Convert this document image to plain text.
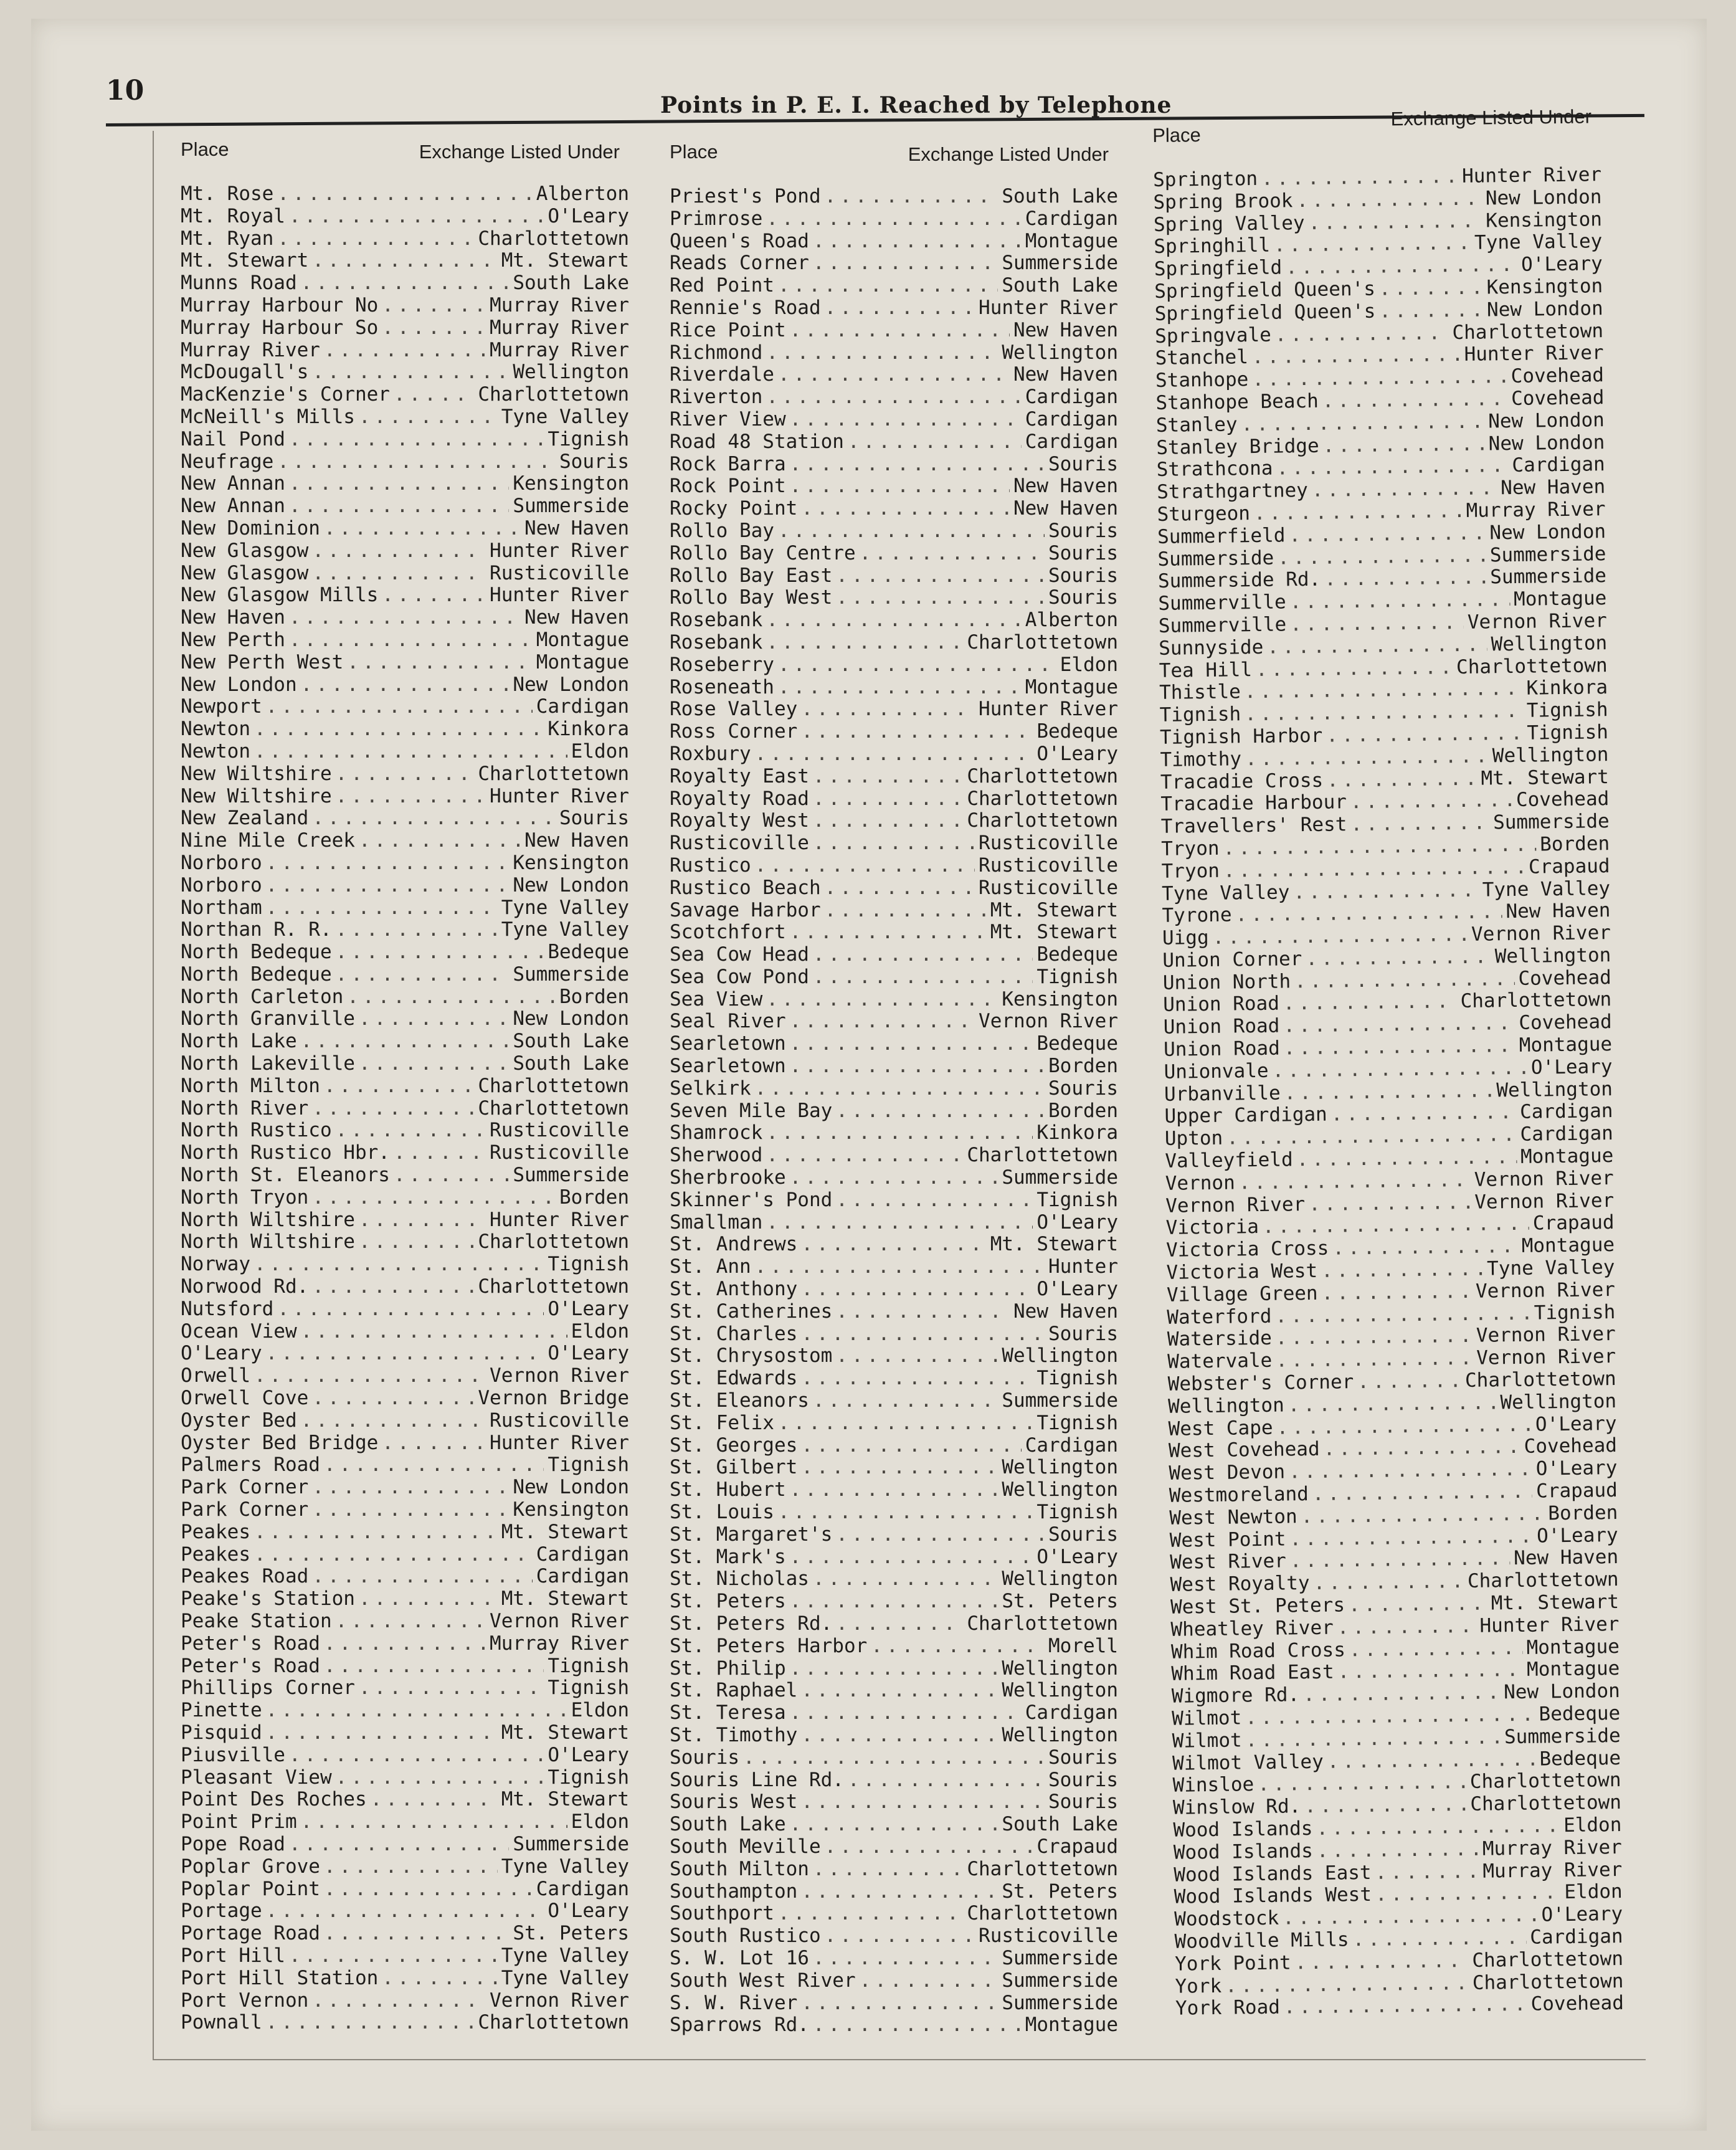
10	Points in P. E. I. Reached by Telephone
Place	Exchange Listed Under
Mt. Rose .....	Alberton
Mt. Royal .....	O'Leary
Mt. Ryan .....	Charlottetown
Mt. Stewart .....	Mt. Stewart
Munns Road .....	South Lake
Murray Harbour No .....	Murray River
Murray Harbour So .....	Murray River
Murray River .....	Murray River
McDougall's .....	Wellington
MacKenzie's Corner .....	Charlottetown
McNeill's Mills .....	Tyne Valley
Nail Pond .....	Tignish
Neufrage .....	Souris
New Annan .....	Kensington
New Annan .....	Summerside
New Dominion .....	New Haven
New Glasgow .....	Hunter River
New Glasgow .....	Rusticoville
New Glasgow Mills .....	Hunter River
New Haven .....	New Haven
New Perth .....	Montague
New Perth West .....	Montague
New London .....	New London
Newport .....	Cardigan
Newton .....	Kinkora
Newton .....	Eldon
New Wiltshire .....	Charlottetown
New Wiltshire .....	Hunter River
New Zealand .....	Souris
Nine Mile Creek .....	New Haven
Norboro .....	Kensington
Norboro .....	New London
Northam .....	Tyne Valley
Northan R. R. .....	Tyne Valley
North Bedeque .....	Bedeque
North Bedeque .....	Summerside
North Carleton .....	Borden
North Granville .....	New London
North Lake .....	South Lake
North Lakeville .....	South Lake
North Milton .....	Charlottetown
North River .....	Charlottetown
North Rustico .....	Rusticoville
North Rustico Hbr. .....	Rusticoville
North St. Eleanors .....	Summerside
North Tryon .....	Borden
North Wiltshire .....	Hunter River
North Wiltshire .....	Charlottetown
Norway .....	Tignish
Norwood Rd. .....	Charlottetown
Nutsford .....	O'Leary
Ocean View .....	Eldon
O'Leary .....	O'Leary
Orwell .....	Vernon River
Orwell Cove .....	Vernon Bridge
Oyster Bed .....	Rusticoville
Oyster Bed Bridge .....	Hunter River
Palmers Road .....	Tignish
Park Corner .....	New London
Park Corner .....	Kensington
Peakes .....	Mt. Stewart
Peakes .....	Cardigan
Peakes Road .....	Cardigan
Peake's Station .....	Mt. Stewart
Peake Station .....	Vernon River
Peter's Road .....	Murray River
Peter's Road .....	Tignish
Phillips Corner .....	Tignish
Pinette .....	Eldon
Pisquid .....	Mt. Stewart
Piusville .....	O'Leary
Pleasant View .....	Tignish
Point Des Roches .....	Mt. Stewart
Point Prim .....	Eldon
Pope Road .....	Summerside
Poplar Grove .....	Tyne Valley
Poplar Point .....	Cardigan
Portage .....	O'Leary
Portage Road .....	St. Peters
Port Hill .....	Tyne Valley
Port Hill Station .....	Tyne Valley
Port Vernon .....	Vernon River
Pownall .....	Charlottetown
Place	Exchange Listed Under
Priest's Pond .....	South Lake
Primrose .....	Cardigan
Queen's Road .....	Montague
Reads Corner .....	Summerside
Red Point .....	South Lake
Rennie's Road .....	Hunter River
Rice Point .....	New Haven
Richmond .....	Wellington
Riverdale .....	New Haven
Riverton .....	Cardigan
River View .....	Cardigan
Road 48 Station .....	Cardigan
Rock Barra .....	Souris
Rock Point .....	New Haven
Rocky Point .....	New Haven
Rollo Bay .....	Souris
Rollo Bay Centre .....	Souris
Rollo Bay East .....	Souris
Rollo Bay West .....	Souris
Rosebank .....	Alberton
Rosebank .....	Charlottetown
Roseberry .....	Eldon
Roseneath .....	Montague
Rose Valley .....	Hunter River
Ross Corner .....	Bedeque
Roxbury .....	O'Leary
Royalty East .....	Charlottetown
Royalty Road .....	Charlottetown
Royalty West .....	Charlottetown
Rusticoville .....	Rusticoville
Rustico .....	Rusticoville
Rustico Beach .....	Rusticoville
Savage Harbor .....	Mt. Stewart
Scotchfort .....	Mt. Stewart
Sea Cow Head .....	Bedeque
Sea Cow Pond .....	Tignish
Sea View .....	Kensington
Seal River .....	Vernon River
Searletown .....	Bedeque
Searletown .....	Borden
Selkirk .....	Souris
Seven Mile Bay .....	Borden
Shamrock .....	Kinkora
Sherwood .....	Charlottetown
Sherbrooke .....	Summerside
Skinner's Pond .....	Tignish
Smallman .....	O'Leary
St. Andrews .....	Mt. Stewart
St. Ann .....	Hunter
St. Anthony .....	O'Leary
St. Catherines .....	New Haven
St. Charles .....	Souris
St. Chrysostom .....	Wellington
St. Edwards .....	Tignish
St. Eleanors .....	Summerside
St. Felix .....	Tignish
St. Georges .....	Cardigan
St. Gilbert .....	Wellington
St. Hubert .....	Wellington
St. Louis .....	Tignish
St. Margaret's .....	Souris
St. Mark's .....	O'Leary
St. Nicholas .....	Wellington
St. Peters .....	St. Peters
St. Peters Rd. .....	Charlottetown
St. Peters Harbor .....	Morell
St. Philip .....	Wellington
St. Raphael .....	Wellington
St. Teresa .....	Cardigan
St. Timothy .....	Wellington
Souris .....	Souris
Souris Line Rd. .....	Souris
Souris West .....	Souris
South Lake .....	South Lake
South Meville .....	Crapaud
South Milton .....	Charlottetown
Southampton .....	St. Peters
Southport .....	Charlottetown
South Rustico .....	Rusticoville
S. W. Lot 16 .....	Summerside
South West River .....	Summerside
S. W. River .....	Summerside
Sparrows Rd. .....	Montague
Place
Exchange Listed Under
Springton .....	Hunter River
Spring Brook .....	New London
Spring Valley .....	Kensington
Springhill .....	Tyne Valley
Springfield .....	O'Leary
Springfield Queen's .....	Kensington
Springfield Queen's .....	New London
Springvale .....	Charlottetown
Stanchel .....	Hunter River
Stanhope .....	Covehead
Stanhope Beach .....	Covehead
Stanley .....	New London
Stanley Bridge .....	New London
Strathcona .....	Cardigan
Strathgartney .....	New Haven
Sturgeon .....	Murray River
Summerfield .....	New London
Summerside .....	Summerside
Summerside Rd. .....	Summerside
Summerville .....	Montague
Summerville .....	Vernon River
Sunnyside .....	Wellington
Tea Hill .....	Charlottetown
Thistle .....	Kinkora
Tignish .....	Tignish
Tignish Harbor .....	Tignish
Timothy .....	Wellington
Tracadie Cross .....	Mt. Stewart
Tracadie Harbour .....	Covehead
Travellers' Rest .....	Summerside
Tryon .....	Borden
Tryon .....	Crapaud
Tyne Valley .....	Tyne Valley
Tyrone .....	New Haven
Uigg .....	Vernon River
Union Corner .....	Wellington
Union North .....	Covehead
Union Road .....	Charlottetown
Union Road .....	Covehead
Union Road .....	Montague
Unionvale .....	O'Leary
Urbanville .....	Wellington
Upper Cardigan .....	Cardigan
Upton .....	Cardigan
Valleyfield .....	Montague
Vernon .....	Vernon River
Vernon River .....	Vernon River
Victoria .....	Crapaud
Victoria Cross .....	Montague
Victoria West .....	Tyne Valley
Village Green .....	Vernon River
Waterford .....	Tignish
Waterside .....	Vernon River
Watervale .....	Vernon River
Webster's Corner .....	Charlottetown
Wellington .....	Wellington
West Cape .....	O'Leary
West Covehead .....	Covehead
West Devon .....	O'Leary
Westmoreland .....	Crapaud
West Newton .....	Borden
West Point .....	O'Leary
West River .....	New Haven
West Royalty .....	Charlottetown
West St. Peters .....	Mt. Stewart
Wheatley River .....	Hunter River
Whim Road Cross .....	Montague
Whim Road East .....	Montague
Wigmore Rd. .....	New London
Wilmot .....	Bedeque
Wilmot .....	Summerside
Wilmot Valley .....	Bedeque
Winsloe .....	Charlottetown
Winslow Rd. .....	Charlottetown
Wood Islands .....	Eldon
Wood Islands .....	Murray River
Wood Islands East .....	Murray River
Wood Islands West .....	Eldon
Woodstock .....	O'Leary
Woodville Mills .....	Cardigan
York Point .....	Charlottetown
York .....	Charlottetown
York Road .....	Covehead
